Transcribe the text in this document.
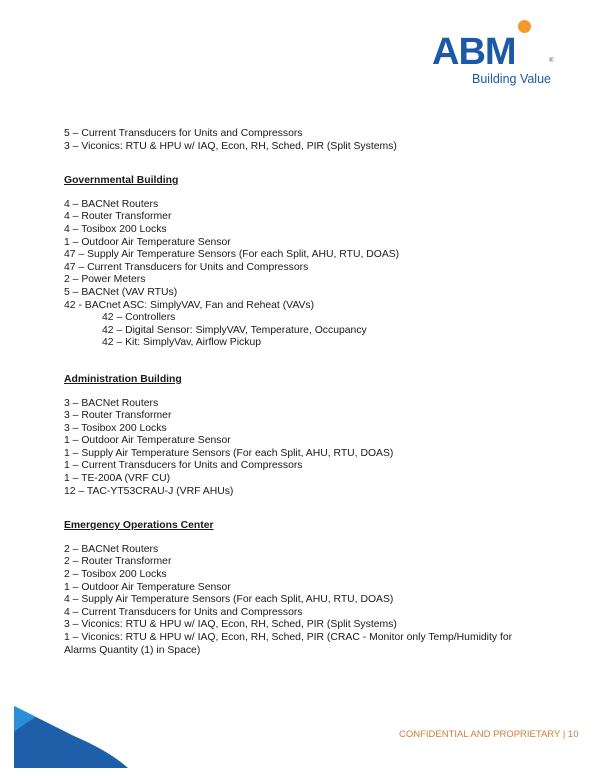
ABM	®
Building Value
5 – Current Transducers for Units and Compressors
3 – Viconics: RTU & HPU w/ IAQ, Econ, RH, Sched, PIR (Split Systems)
Governmental Building
4 – BACNet Routers
4 – Router Transformer
4 – Tosibox 200 Locks
1 – Outdoor Air Temperature Sensor
47 – Supply Air Temperature Sensors (For each Split, AHU, RTU, DOAS)
47 – Current Transducers for Units and Compressors
2 – Power Meters
5 – BACNet (VAV RTUs)
42 - BACnet ASC: SimplyVAV, Fan and Reheat (VAVs)
42 – Controllers
42 – Digital Sensor: SimplyVAV, Temperature, Occupancy
42 – Kit: SimplyVav, Airflow Pickup
Administration Building
3 – BACNet Routers
3 – Router Transformer
3 – Tosibox 200 Locks
1 – Outdoor Air Temperature Sensor
1 – Supply Air Temperature Sensors (For each Split, AHU, RTU, DOAS)
1 – Current Transducers for Units and Compressors
1 – TE-200A (VRF CU)
12 – TAC-YT53CRAU-J (VRF AHUs)
Emergency Operations Center
2 – BACNet Routers
2 – Router Transformer
2 – Tosibox 200 Locks
1 – Outdoor Air Temperature Sensor
4 – Supply Air Temperature Sensors (For each Split, AHU, RTU, DOAS)
4 – Current Transducers for Units and Compressors
3 – Viconics: RTU & HPU w/ IAQ, Econ, RH, Sched, PIR (Split Systems)
1 – Viconics: RTU & HPU w/ IAQ, Econ, RH, Sched, PIR (CRAC - Monitor only Temp/Humidity for Alarms Quantity (1) in Space)
CONFIDENTIAL AND PROPRIETARY | 10
